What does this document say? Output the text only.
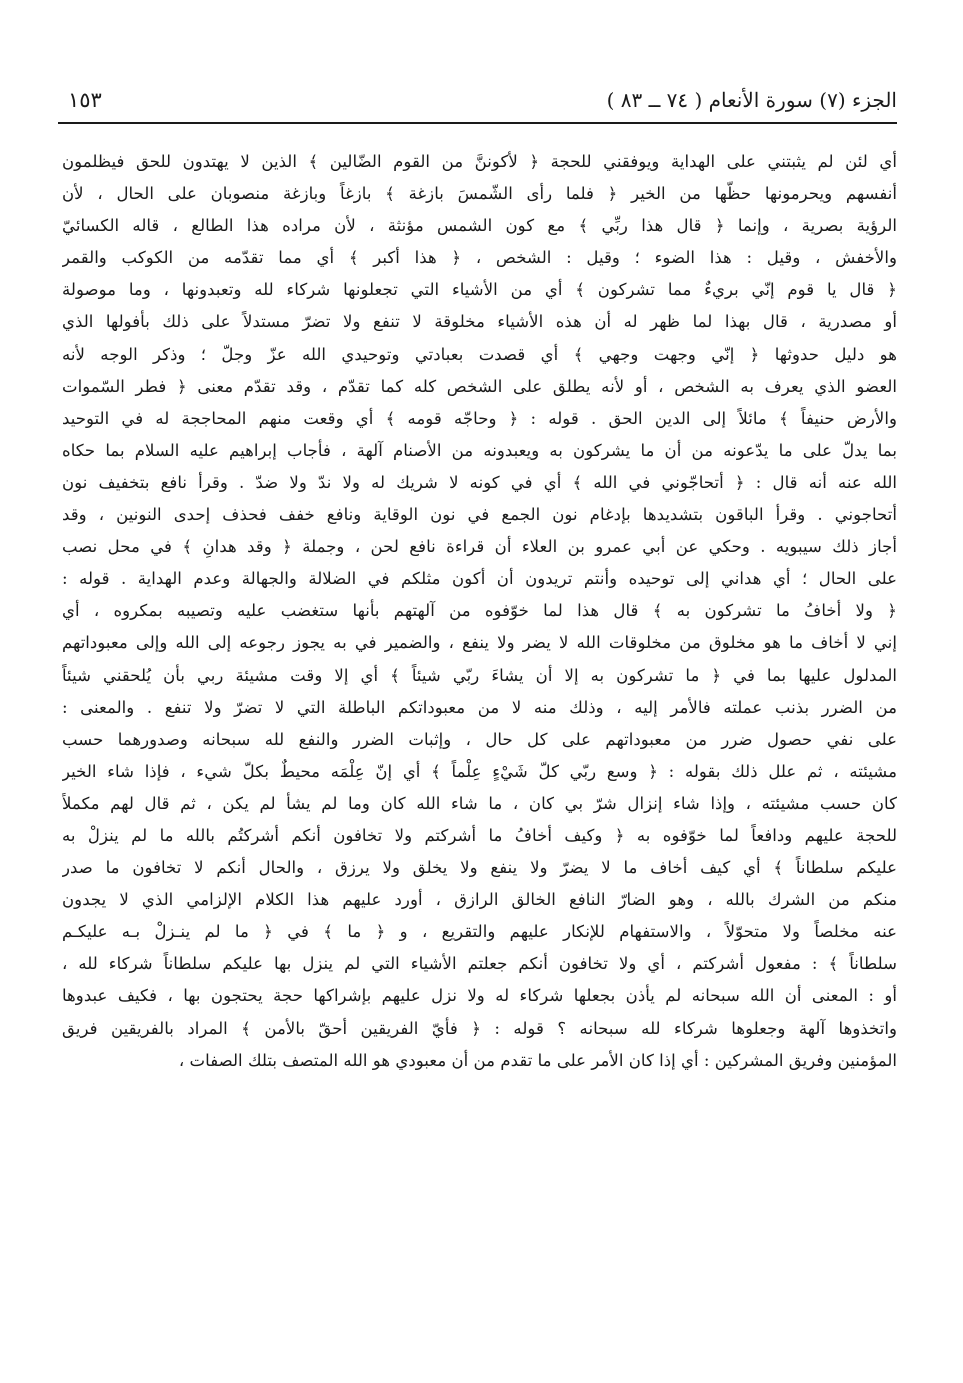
الجزء (٧) سورة الأنعام ( ٧٤ ــ ٨٣ )
١٥٣
أي لئن لم يثبتني على الهداية ويوفقني للحجة ﴿ لأكوننَّ من القوم الضّالين ﴾ الذين لا يهتدون للحق فيظلمون
أنفسهم ويحرمونها حظّها من الخير ﴿ فلما رأى الشّمسَ بازغة ﴾ بازغاً وبازغة منصوبان على الحال ، لأن
الرؤية بصرية ، وإنما ﴿ قال هذا ربِّي ﴾ مع كون الشمس مؤنثة ، لأن مراده هذا الطالع ، قاله الكسائيّ
والأخفش ، وقيل : هذا الضوء ؛ وقيل : الشخص ، ﴿ هذا أكبر ﴾ أي مما تقدّمه من الكوكب والقمر
﴿ قال يا قوم إنّي بريءٌ مما تشركون ﴾ أي من الأشياء التي تجعلونها شركاء لله وتعبدونها ، وما موصولة
أو مصدرية ، قال بهذا لما ظهر له أن هذه الأشياء مخلوقة لا تنفع ولا تضرّ مستدلاً على ذلك بأفولها الذي
هو دليل حدوثها ﴿ إنّي وجهت وجهي ﴾ أي قصدت بعبادتي وتوحيدي الله عزّ وجلّ ؛ وذكر الوجه لأنه
العضو الذي يعرف به الشخص ، أو لأنه يطلق على الشخص كله كما تقدّم ، وقد تقدّم معنى ﴿ فطر السّموات
والأرض حنيفاً ﴾ مائلاً إلى الدين الحق . قوله : ﴿ وحاجّه قومه ﴾ أي وقعت منهم المحاججة له في التوحيد
بما يدلّ على ما يدّعونه من أن ما يشركون به ويعبدونه من الأصنام آلهة ، فأجاب إبراهيم عليه السلام بما حكاه
الله عنه أنه قال : ﴿ أتحاجّوني في الله ﴾ أي في كونه لا شريك له ولا ندّ ولا ضدّ . وقرأ نافع بتخفيف نون
أتحاجوني . وقرأ الباقون بتشديدها بإدغام نون الجمع في نون الوقاية ونافع خفف فحذف إحدى النونين ، وقد
أجاز ذلك سيبويه . وحكي عن أبي عمرو بن العلاء أن قراءة نافع لحن ، وجملة ﴿ وقد هدانِ ﴾ في محل نصب
على الحال ؛ أي هداني إلى توحيده وأنتم تريدون أن أكون مثلكم في الضلالة والجهالة وعدم الهداية . قوله :
﴿ ولا أخافُ ما تشركون به ﴾ قال هذا لما خوّفوه من آلهتهم بأنها ستغضب عليه وتصيبه بمكروه ، أي
إني لا أخاف ما هو مخلوق من مخلوقات الله لا يضر ولا ينفع ، والضمير في به يجوز رجوعه إلى الله وإلى معبوداتهم
المدلول عليها بما في ﴿ ما تشركون به إلا أن يشاءَ ربّي شيئاً ﴾ أي إلا وقت مشيئة ربي بأن يُلحقني شيئاً
من الضرر بذنب عملته فالأمر إليه ، وذلك منه لا من معبوداتكم الباطلة التي لا تضرّ ولا تنفع . والمعنى :
على نفي حصول ضرر من معبوداتهم على كل حال ، وإثبات الضرر والنفع لله سبحانه وصدورهما حسب
مشيئته ، ثم علل ذلك بقوله : ﴿ وسع ربّي كلّ شَيْءٍ عِلْماً ﴾ أي إنّ عِلْمَه محيطٌ بكلّ شيء ، فإذا شاء الخير
كان حسب مشيئته ، وإذا شاء إنزال شرّ بي كان ، ما شاء الله كان وما لم يشأ لم يكن ، ثم قال لهم مكملاً
للحجة عليهم ودافعاً لما خوّفوه به ﴿ وكيف أخافُ ما أشركتم ولا تخافون أنكم أشركتُم بالله ما لم ينزلْ به
عليكم سلطاناً ﴾ أي كيف أخاف ما لا يضرّ ولا ينفع ولا يخلق ولا يرزق ، والحال أنكم لا تخافون ما صدر
منكم من الشرك بالله ، وهو الضارّ النافع الخالق الرازق ، أورد عليهم هذا الكلام الإلزامي الذي لا يجدون
عنه مخلصاً ولا متحوّلاً ، والاستفهام للإنكار عليهم والتقريع ، و ﴿ ما ﴾ في ﴿ ما لم ينـزلْ بـه عليكـم
سلطاناً ﴾ : مفعول أشركتم ، أي ولا تخافون أنكم جعلتم الأشياء التي لم ينزل بها عليكم سلطاناً شركاء لله ،
أو : المعنى أن الله سبحانه لم يأذن بجعلها شركاء له ولا نزل عليهم بإشراكها حجة يحتجون بها ، فكيف عبدوها
واتخذوها آلهة وجعلوها شركاء لله سبحانه ؟ قوله : ﴿ فأيّ الفريقين أحقّ بالأمن ﴾ المراد بالفريقين فريق
المؤمنين وفريق المشركين : أي إذا كان الأمر على ما تقدم من أن معبودي هو الله المتصف بتلك الصفات ،
